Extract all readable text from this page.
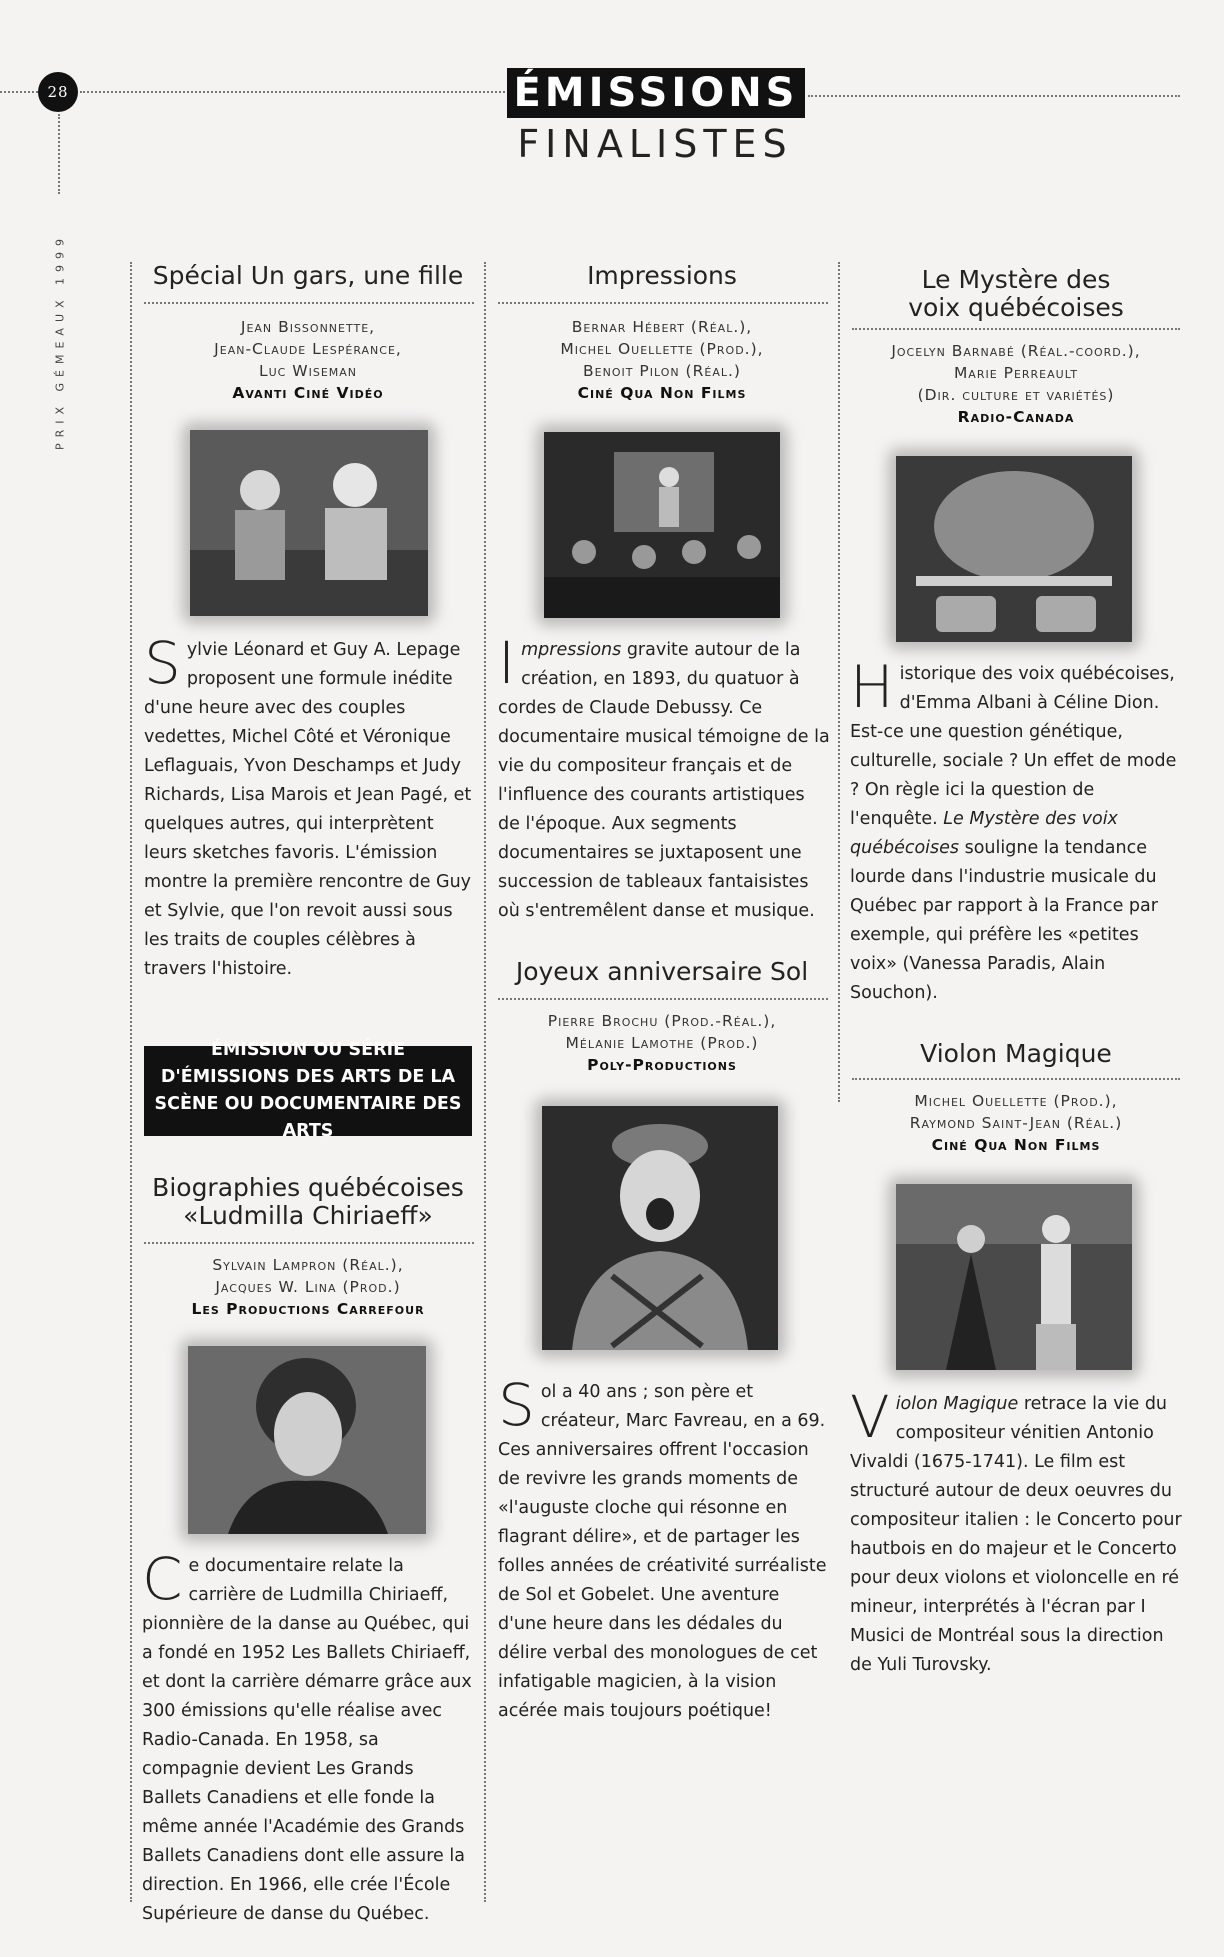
28
PRIX GÉMEAUX 1999
ÉMISSIONS
FINALISTES
Spécial Un gars, une fille
Jean Bissonnette,
Jean-Claude Lespérance,
Luc Wiseman
Avanti Ciné Vidéo
Sylvie Léonard et Guy A. Lepage proposent une formule inédite d'une heure avec des couples vedettes, Michel Côté et Véronique Leflaguais, Yvon Deschamps et Judy Richards, Lisa Marois et Jean Pagé, et quelques autres, qui interprètent leurs sketches favoris. L'émission montre la première rencontre de Guy et Sylvie, que l'on revoit aussi sous les traits de couples célèbres à travers l'histoire.
ÉMISSION OU SÉRIE D'ÉMISSIONS DES ARTS DE LA SCÈNE OU DOCUMENTAIRE DES ARTS
Biographies québécoises
«Ludmilla Chiriaeff»
Sylvain Lampron (Réal.),
Jacques W. Lina (Prod.)
Les Productions Carrefour
Ce documentaire relate la carrière de Ludmilla Chiriaeff, pionnière de la danse au Québec, qui a fondé en 1952 Les Ballets Chiriaeff, et dont la carrière démarre grâce aux 300 émissions qu'elle réalise avec Radio-Canada. En 1958, sa compagnie devient Les Grands Ballets Canadiens et elle fonde la même année l'Académie des Grands Ballets Canadiens dont elle assure la direction. En 1966, elle crée l'École Supérieure de danse du Québec.
Impressions
Bernar Hébert (Réal.),
Michel Ouellette (Prod.),
Benoit Pilon (Réal.)
Ciné Qua Non Films
Impressions gravite autour de la création, en 1893, du quatuor à cordes de Claude Debussy. Ce documentaire musical témoigne de la vie du compositeur français et de l'influence des courants artistiques de l'époque. Aux segments documentaires se juxtaposent une succession de tableaux fantaisistes où s'entremêlent danse et musique.
Joyeux anniversaire Sol
Pierre Brochu (Prod.-Réal.),
Mélanie Lamothe (Prod.)
Poly-Productions
Sol a 40 ans ; son père et créateur, Marc Favreau, en a 69. Ces anniversaires offrent l'occasion de revivre les grands moments de «l'auguste cloche qui résonne en flagrant délire», et de partager les folles années de créativité surréaliste de Sol et Gobelet. Une aventure d'une heure dans les dédales du délire verbal des monologues de cet infatigable magicien, à la vision acérée mais toujours poétique!
Le Mystère des
voix québécoises
Jocelyn Barnabé (Réal.-coord.),
Marie Perreault
(Dir. culture et variétés)
Radio-Canada
Historique des voix québécoises, d'Emma Albani à Céline Dion. Est-ce une question génétique, culturelle, sociale ? Un effet de mode ? On règle ici la question de l'enquête. Le Mystère des voix québécoises souligne la tendance lourde dans l'industrie musicale du Québec par rapport à la France par exemple, qui préfère les «petites voix» (Vanessa Paradis, Alain Souchon).
Violon Magique
Michel Ouellette (Prod.),
Raymond Saint-Jean (Réal.)
Ciné Qua Non Films
Violon Magique retrace la vie du compositeur vénitien Antonio Vivaldi (1675-1741). Le film est structuré autour de deux oeuvres du compositeur italien : le Concerto pour hautbois en do majeur et le Concerto pour deux violons et violoncelle en ré mineur, interprétés à l'écran par I Musici de Montréal sous la direction de Yuli Turovsky.
